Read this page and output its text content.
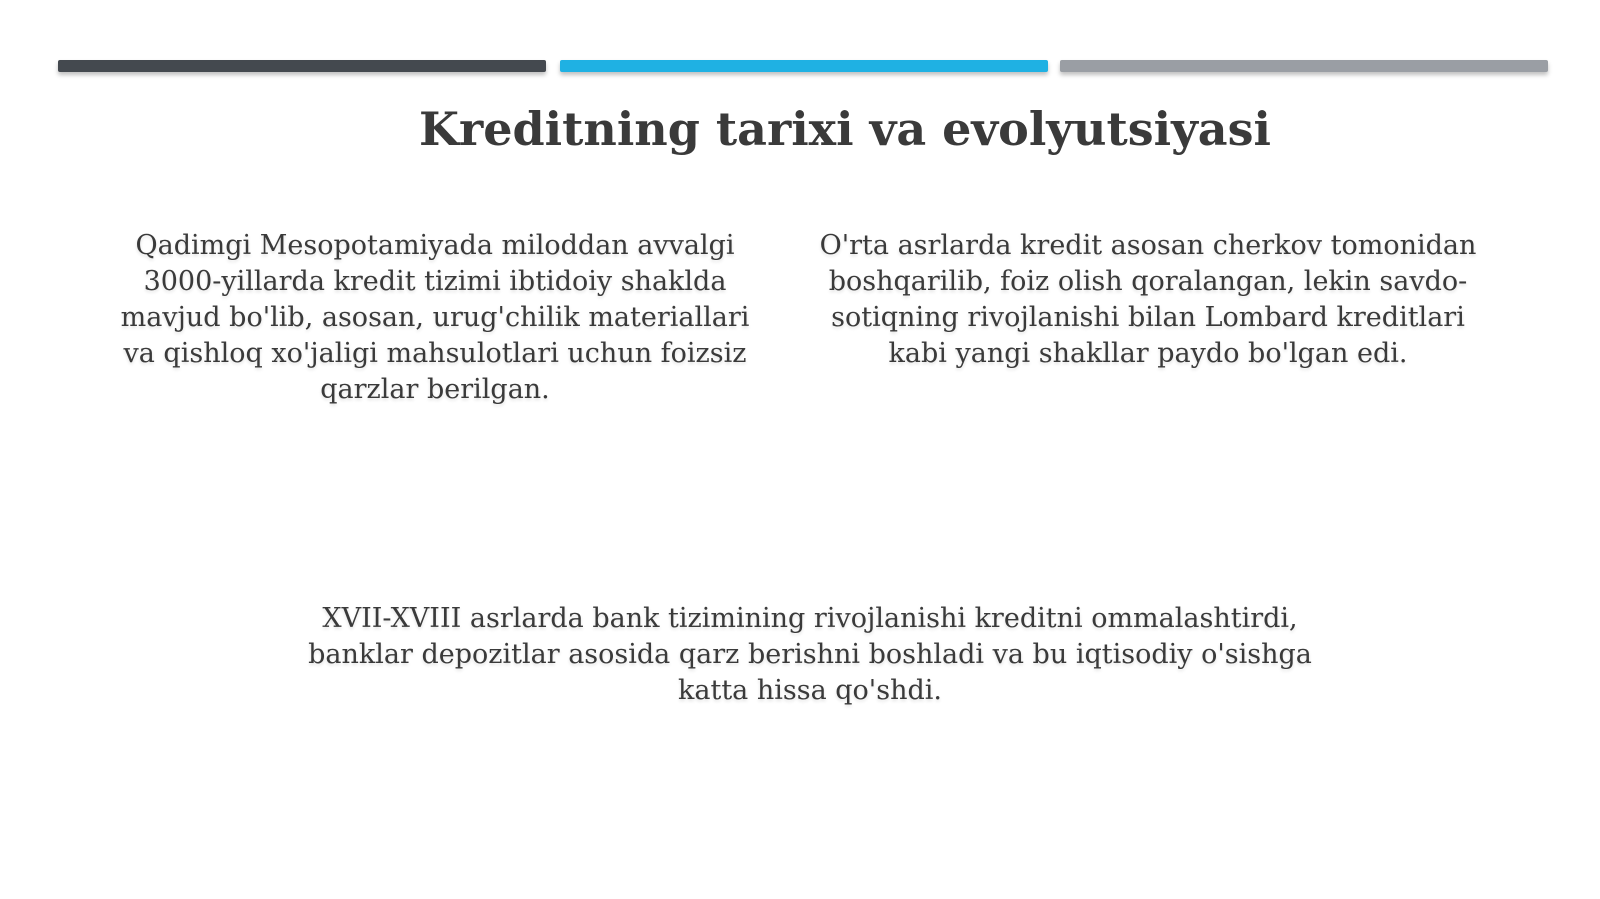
Kreditning tarixi va evolyutsiyasi

Qadimgi Mesopotamiyada miloddan avvalgi 3000-yillarda kredit tizimi ibtidoiy shaklda mavjud bo'lib, asosan, urug'chilik materiallari va qishloq xo'jaligi mahsulotlari uchun foizsiz qarzlar berilgan.

O'rta asrlarda kredit asosan cherkov tomonidan boshqarilib, foiz olish qoralangan, lekin savdo-sotiqning rivojlanishi bilan Lombard kreditlari kabi yangi shakllar paydo bo'lgan edi.

XVII-XVIII asrlarda bank tizimining rivojlanishi kreditni ommalashtirdi, banklar depozitlar asosida qarz berishni boshladi va bu iqtisodiy o'sishga katta hissa qo'shdi.
